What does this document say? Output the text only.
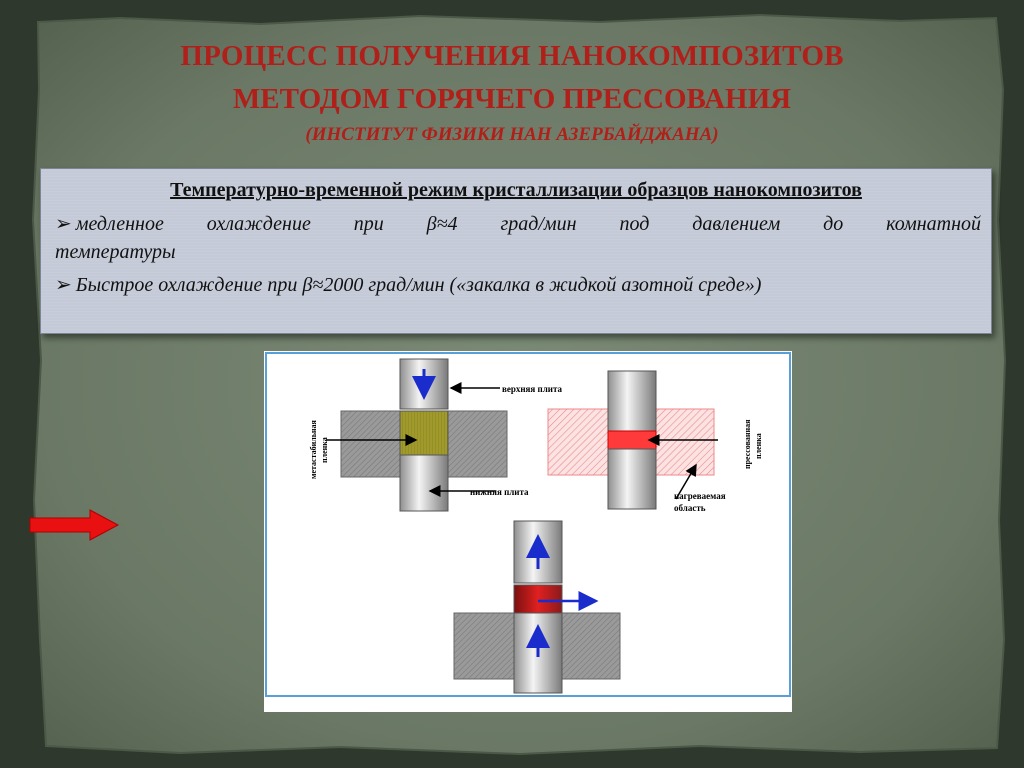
ПРОЦЕСС ПОЛУЧЕНИЯ НАНОКОМПОЗИТОВ
МЕТОДОМ ГОРЯЧЕГО ПРЕССОВАНИЯ
(ИНСТИТУТ ФИЗИКИ НАН АЗЕРБАЙДЖАНА)
Температурно-временной режим кристаллизации образцов нанокомпозитов
➢ медленное охлаждение при β≈4 град/мин под давлением до комнатной
температуры
➢ Быстрое охлаждение при β≈2000 град/мин («закалка в жидкой азотной среде»)
верхняя плита
метастабильная пленка
нижняя плита
прессованная пленка
нагреваемая
область
